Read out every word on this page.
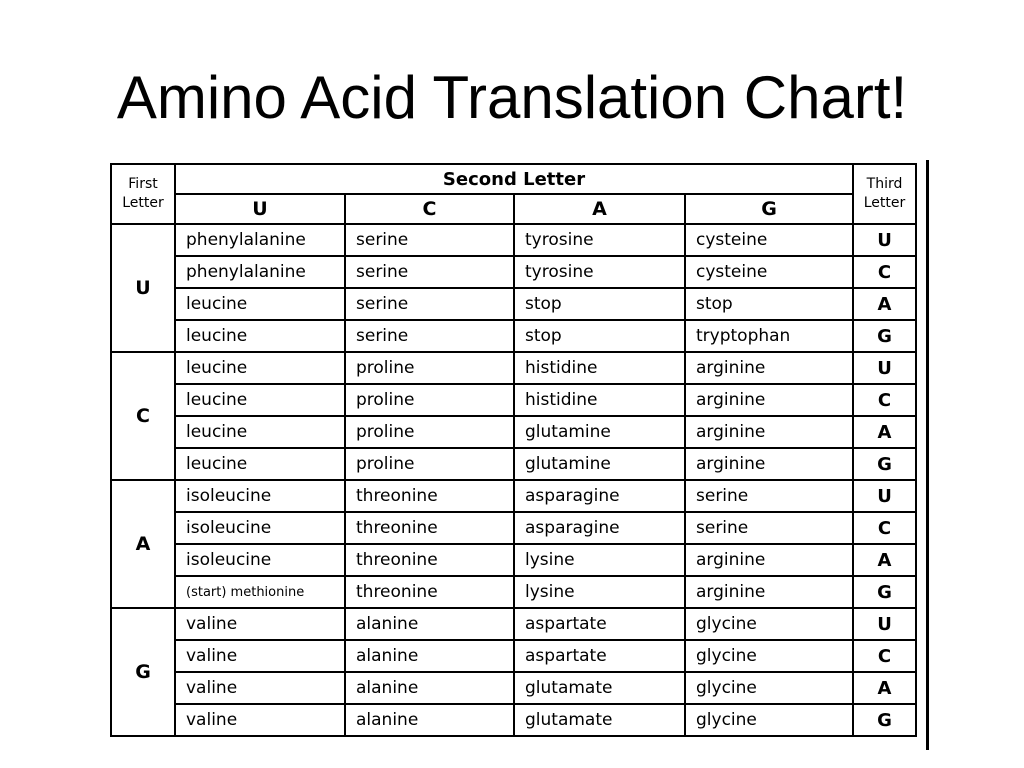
Amino Acid Translation Chart!
First Letter	Second Letter				Third Letter
	U	C	A	G	
U	phenylalanine	serine	tyrosine	cysteine	U
	phenylalanine	serine	tyrosine	cysteine	C
	leucine	serine	stop	stop	A
	leucine	serine	stop	tryptophan	G
C	leucine	proline	histidine	arginine	U
	leucine	proline	histidine	arginine	C
	leucine	proline	glutamine	arginine	A
	leucine	proline	glutamine	arginine	G
A	isoleucine	threonine	asparagine	serine	U
	isoleucine	threonine	asparagine	serine	C
	isoleucine	threonine	lysine	arginine	A
	(start) methionine	threonine	lysine	arginine	G
G	valine	alanine	aspartate	glycine	U
	valine	alanine	aspartate	glycine	C
	valine	alanine	glutamate	glycine	A
	valine	alanine	glutamate	glycine	G
